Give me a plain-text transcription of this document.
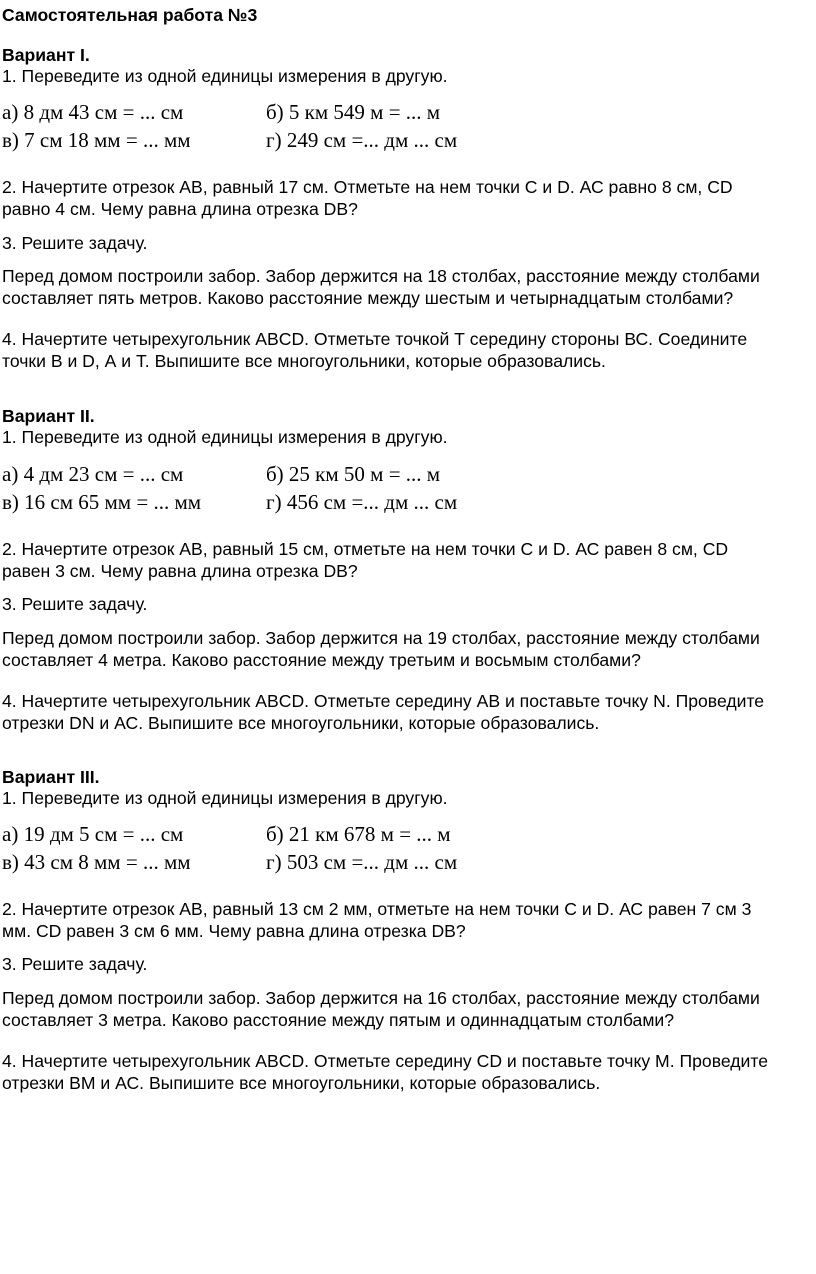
Самостоятельная работа №3

Вариант I.

1. Переведите из одной единицы измерения в другую.

а) 8 дм 43 см = ... см	б) 5 км 549 м = ... м

в) 7 см 18 мм = ... мм	г) 249 см =... дм ... см

2. Начертите отрезок АВ, равный 17 см. Отметьте на нем точки С и D. АС равно 8 см, CD

равно 4 см. Чему равна длина отрезка DB?

3. Решите задачу.

Перед домом построили забор. Забор держится на 18 столбах, расстояние между столбами

составляет пять метров. Каково расстояние между шестым и четырнадцатым столбами?

4. Начертите четырехугольник ABCD. Отметьте точкой Т середину стороны ВС. Соедините

точки В и D, А и Т. Выпишите все многоугольники, которые образовались.

Вариант II.

1. Переведите из одной единицы измерения в другую.

а) 4 дм 23 см = ... см	б) 25 км 50 м = ... м

в) 16 см 65 мм = ... мм	г) 456 см =... дм ... см

2. Начертите отрезок АВ, равный 15 см, отметьте на нем точки С и D. АС равен 8 см, CD

равен 3 см. Чему равна длина отрезка DB?

3. Решите задачу.

Перед домом построили забор. Забор держится на 19 столбах, расстояние между столбами

составляет 4 метра. Каково расстояние между третьим и восьмым столбами?

4. Начертите четырехугольник ABCD. Отметьте середину АВ и поставьте точку N. Проведите

отрезки DN и АС. Выпишите все многоугольники, которые образовались.

Вариант III.

1. Переведите из одной единицы измерения в другую.

а) 19 дм 5 см = ... см	б) 21 км 678 м = ... м

в) 43 см 8 мм = ... мм	г) 503 см =... дм ... см

2. Начертите отрезок АВ, равный 13 см 2 мм, отметьте на нем точки С и D. АС равен 7 см 3

мм. CD равен 3 см 6 мм. Чему равна длина отрезка DB?

3. Решите задачу.

Перед домом построили забор. Забор держится на 16 столбах, расстояние между столбами

составляет 3 метра. Каково расстояние между пятым и одиннадцатым столбами?

4. Начертите четырехугольник ABCD. Отметьте середину CD и поставьте точку M. Проведите

отрезки ВМ и АС. Выпишите все многоугольники, которые образовались.
